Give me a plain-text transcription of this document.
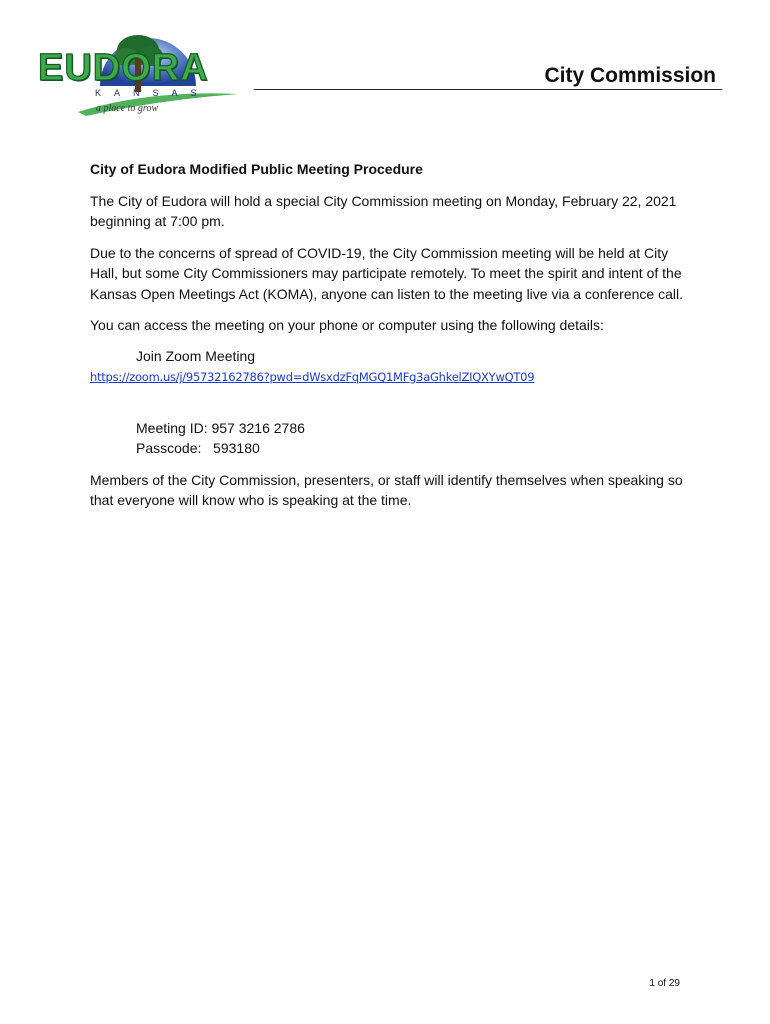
EUDORA
KANSAS
a place to grow
City Commission
City of Eudora Modified Public Meeting Procedure

The City of Eudora will hold a special City Commission meeting on Monday, February 22, 2021 beginning at 7:00 pm.

Due to the concerns of spread of COVID-19, the City Commission meeting will be held at City Hall, but some City Commissioners may participate remotely. To meet the spirit and intent of the Kansas Open Meetings Act (KOMA), anyone can listen to the meeting live via a conference call.

You can access the meeting on your phone or computer using the following details:

Join Zoom Meeting
https://zoom.us/j/95732162786?pwd=dWsxdzFqMGQ1MFg3aGhkelZIQXYwQT09
Meeting ID: 957 3216 2786
Passcode: 593180

Members of the City Commission, presenters, or staff will identify themselves when speaking so that everyone will know who is speaking at the time.

1 of 29
